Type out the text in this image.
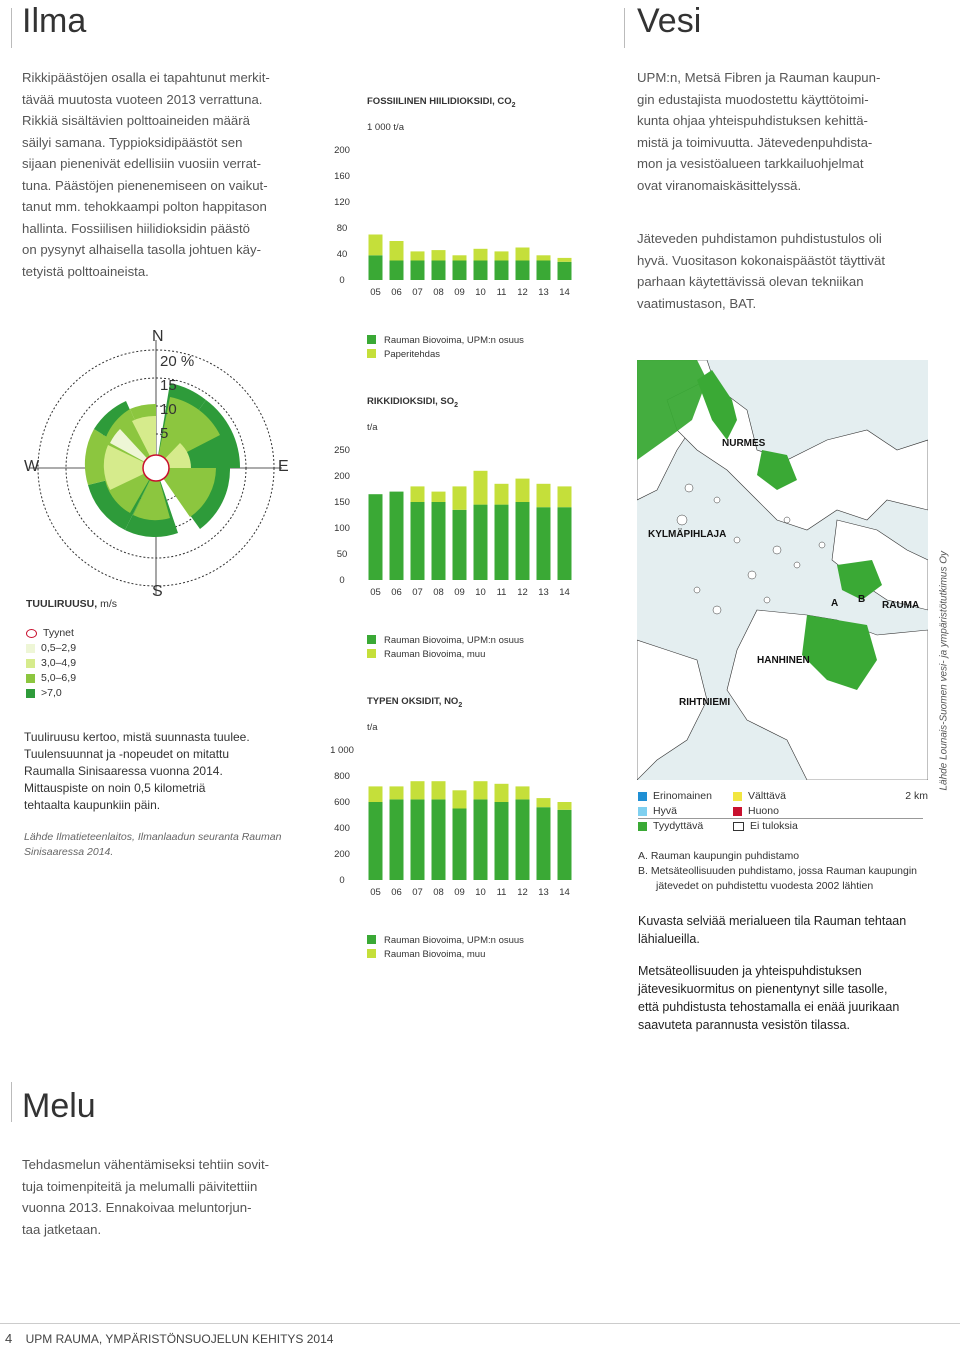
Ilma

Rikkipäästöjen osalla ei tapahtunut merkit-
tävää muutosta vuoteen 2013 verrattuna.
Rikkiä sisältävien polttoaineiden määrä
säilyi samana. Typpioksidipäästöt sen
sijaan pienenivät edellisiin vuosiin verrat-
tuna. Päästöjen pienenemiseen on vaikut-
tanut mm. tehokkaampi polton happitason
hallinta. Fossiilisen hiilidioksidin päästö
on pysynyt alhaisella tasolla johtuen käy-
tetyistä polttoaineista.

N
S
E
W
20 %
15
10
5
TUULIRUUSU, m/s
Tyynet
0,5–2,9
3,0–4,9
5,0–6,9
>7,0

Tuuliruusu kertoo, mistä suunnasta tuulee.
Tuulensuunnat ja -nopeudet on mitattu
Raumalla Sinisaaressa vuonna 2014.
Mittauspiste on noin 0,5 kilometriä
tehtaalta kaupunkiin päin.

Lähde Ilmatieteenlaitos, Ilmanlaadun seuranta Rauman
Sinisaaressa 2014.

FOSSIILINEN HIILIDIOKSIDI, $CO_2$
1 000 t/a
200
160
120
80
40
0
05 06 07 08 09 10 11 12 13 14
Rauman Biovoima, UPM:n osuus
Paperitehdas
RIKKIDIOKSIDI, $SO_2$
t/a
250
200
150
100
50
0
05 06 07 08 09 10 11 12 13 14
Rauman Biovoima, UPM:n osuus
Rauman Biovoima, muu
TYPEN OKSIDIT, $NO_2$
t/a
1 000
800
600
400
200
0
05 06 07 08 09 10 11 12 13 14
Rauman Biovoima, UPM:n osuus
Rauman Biovoima, muu
Vesi

UPM:n, Metsä Fibren ja Rauman kaupun-
gin edustajista muodostettu käyttötoimi-
kunta ohjaa yhteispuhdistuksen kehittä-
mistä ja toimivuutta. Jätevedenpuhdista-
mon ja vesistöalueen tarkkailuohjelmat
ovat viranomaiskäsittelyssä.

Jäteveden puhdistamon puhdistustulos oli
hyvä. Vuositason kokonaispäästöt täyttivät
parhaan käytettävissä olevan tekniikan
vaatimustason, BAT.

NURMES
KYLMÄPIHLAJA
RAUMA
HANHINEN
RIHTNIEMI
A B	Lähde Lounais-Suomen vesi- ja ympäristötutkimus Oy
Erinomainen	Välttävä	2 km
Hyvä	Huono
Tyydyttävä	Ei tuloksia
A. Rauman kaupungin puhdistamo
B. Metsäteollisuuden puhdistamo, jossa Rauman kaupungin
jätevedet on puhdistettu vuodesta 2002 lähtien

Kuvasta selviää merialueen tila Rauman tehtaan
lähialueilla.

Metsäteollisuuden ja yhteispuhdistuksen
jätevesikuormitus on pienentynyt sille tasolle,
että puhdistusta tehostamalla ei enää juurikaan
saavuteta parannusta vesistön tilassa.

Melu

Tehdasmelun vähentämiseksi tehtiin sovit-
tuja toimenpiteitä ja melumalli päivitettiin
vuonna 2013. Ennakoivaa meluntorjun-
taa jatketaan.

4 UPM RAUMA, YMPÄRISTÖNSUOJELUN KEHITYS 2014
